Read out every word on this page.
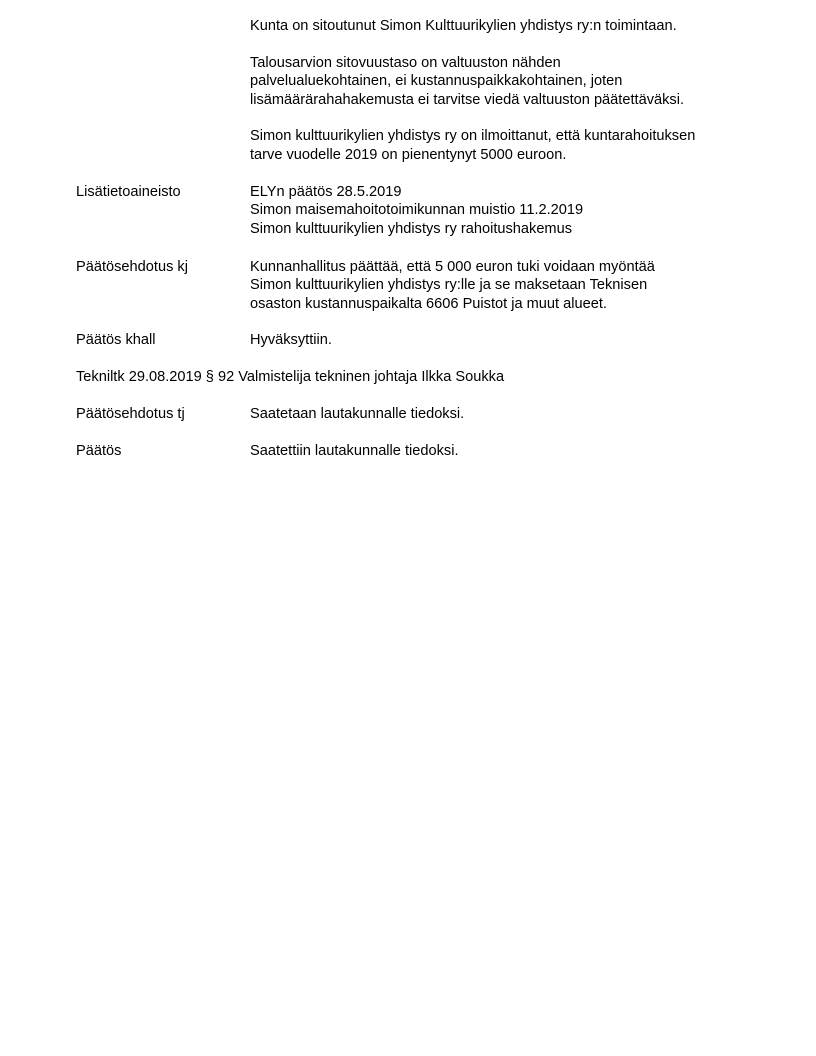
Kunta on sitoutunut Simon Kulttuurikylien yhdistys ry:n toimintaan.

Talousarvion sitovuustaso on valtuuston nähden
palvelualuekohtainen, ei kustannuspaikkakohtainen, joten
lisämäärärahahakemusta ei tarvitse viedä valtuuston päätettäväksi.

Simon kulttuurikylien yhdistys ry on ilmoittanut, että kuntarahoituksen
tarve vuodelle 2019 on pienentynyt 5000 euroon.

Lisätietoaineisto	ELYn päätös 28.5.2019
Simon maisemahoitotoimikunnan muistio 11.2.2019
Simon kulttuurikylien yhdistys ry rahoitushakemus
Päätösehdotus kj	Kunnanhallitus päättää, että 5 000 euron tuki voidaan myöntää
Simon kulttuurikylien yhdistys ry:lle ja se maksetaan Teknisen
osaston kustannuspaikalta 6606 Puistot ja muut alueet.
Päätös khall	Hyväksyttiin.
Tekniltk 29.08.2019 § 92 Valmistelija tekninen johtaja Ilkka Soukka
Päätösehdotus tj	Saatetaan lautakunnalle tiedoksi.
Päätös	Saatettiin lautakunnalle tiedoksi.
